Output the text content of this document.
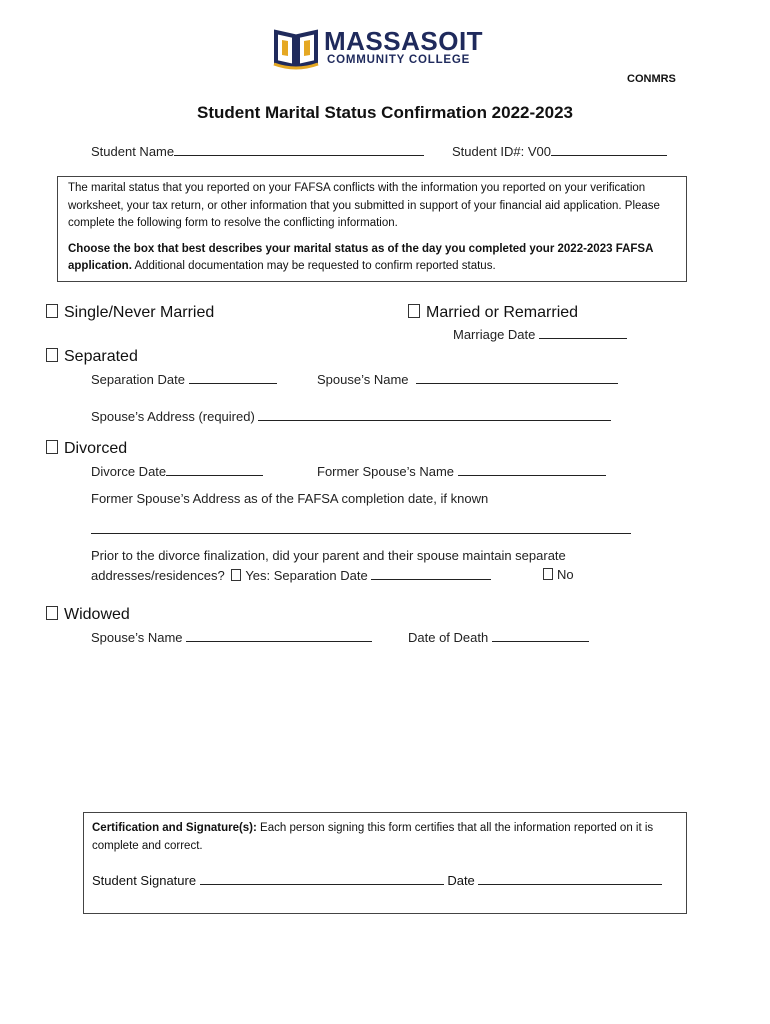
MASSASOIT
COMMUNITY COLLEGE
CONMRS
Student Marital Status Confirmation 2022-2023
Student Name	Student ID#: V00

The marital status that you reported on your FAFSA conflicts with the information you reported on your verification worksheet, your tax return, or other information that you submitted in support of your financial aid application. Please complete the following form to resolve the conflicting information.

Choose the box that best describes your marital status as of the day you completed your 2022-2023 FAFSA application. Additional documentation may be requested to confirm reported status.

Single/Never Married	Married or Remarried
Marriage Date
Separated
Separation Date	Spouse’s Name
Spouse’s Address (required)
Divorced
Divorce Date	Former Spouse’s Name
Former Spouse’s Address as of the FAFSA completion date, if known
Prior to the divorce finalization, did your parent and their spouse maintain separate
addresses/residences? Yes: Separation Date	No
Widowed
Spouse’s Name	Date of Death

Certification and Signature(s): Each person signing this form certifies that all the information reported on it is complete and correct.

Student Signature	Date
